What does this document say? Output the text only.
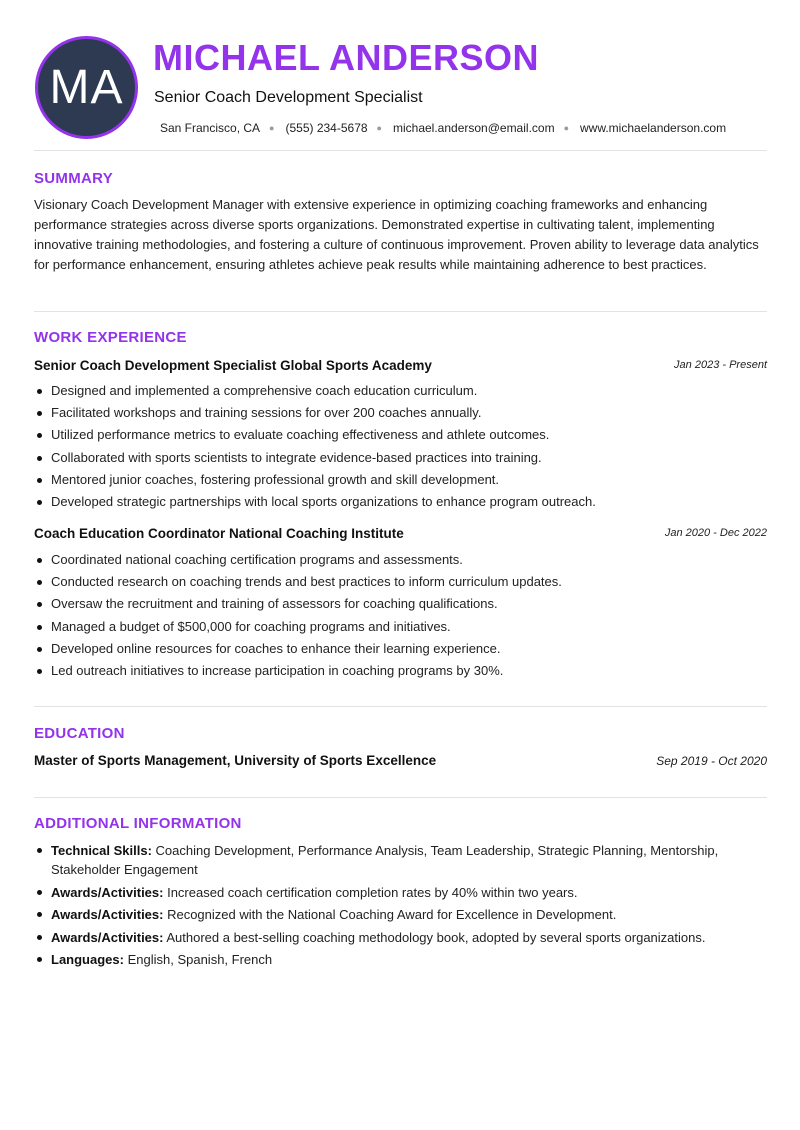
MA
MICHAEL ANDERSON
Senior Coach Development Specialist
San Francisco, CA ● (555) 234-5678 ● michael.anderson@email.com ● www.michaelanderson.com
SUMMARY

Visionary Coach Development Manager with extensive experience in optimizing coaching frameworks and enhancing performance strategies across diverse sports organizations. Demonstrated expertise in cultivating talent, implementing innovative training methodologies, and fostering a culture of continuous improvement. Proven ability to leverage data analytics for performance enhancement, ensuring athletes achieve peak results while maintaining adherence to best practices.

WORK EXPERIENCE
Senior Coach Development Specialist Global Sports Academy	Jan 2023 - Present
Designed and implemented a comprehensive coach education curriculum.
Facilitated workshops and training sessions for over 200 coaches annually.
Utilized performance metrics to evaluate coaching effectiveness and athlete outcomes.
Collaborated with sports scientists to integrate evidence-based practices into training.
Mentored junior coaches, fostering professional growth and skill development.
Developed strategic partnerships with local sports organizations to enhance program outreach.
Coach Education Coordinator National Coaching Institute	Jan 2020 - Dec 2022
Coordinated national coaching certification programs and assessments.
Conducted research on coaching trends and best practices to inform curriculum updates.
Oversaw the recruitment and training of assessors for coaching qualifications.
Managed a budget of $500,000 for coaching programs and initiatives.
Developed online resources for coaches to enhance their learning experience.
Led outreach initiatives to increase participation in coaching programs by 30%.
EDUCATION
Master of Sports Management, University of Sports Excellence	Sep 2019 - Oct 2020
ADDITIONAL INFORMATION
Technical Skills: Coaching Development, Performance Analysis, Team Leadership, Strategic Planning, Mentorship, Stakeholder Engagement
Awards/Activities: Increased coach certification completion rates by 40% within two years.
Awards/Activities: Recognized with the National Coaching Award for Excellence in Development.
Awards/Activities: Authored a best-selling coaching methodology book, adopted by several sports organizations.
Languages: English, Spanish, French
